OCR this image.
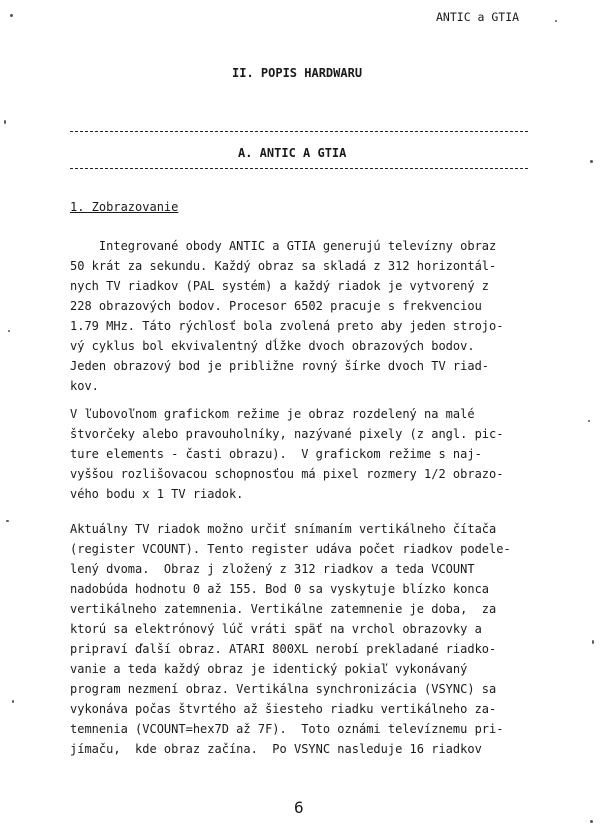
ANTIC a GTIA
II. POPIS HARDWARU
A. ANTIC A GTIA
1. Zobrazovanie
Integrované obody ANTIC a GTIA generujú televízny obraz
50 krát za sekundu. Každý obraz sa skladá z 312 horizontál-
nych TV riadkov (PAL systém) a každý riadok je vytvorený z
228 obrazových bodov. Procesor 6502 pracuje s frekvenciou
1.79 MHz. Táto rýchlosť bola zvolená preto aby jeden strojo-
vý cyklus bol ekvivalentný dĺžke dvoch obrazových bodov.
Jeden obrazový bod je približne rovný šírke dvoch TV riad-
kov.
V ľubovoľnom grafickom režime je obraz rozdelený na malé
štvorčeky alebo pravouholníky, nazývané pixely (z angl. pic-
ture elements - časti obrazu).  V grafickom režime s naj-
vyššou rozlišovacou schopnosťou má pixel rozmery 1/2 obrazo-
vého bodu x 1 TV riadok.
Aktuálny TV riadok možno určiť snímaním vertikálneho čítača
(register VCOUNT). Tento register udáva počet riadkov podele-
lený dvoma.  Obraz j zložený z 312 riadkov a teda VCOUNT
nadobúda hodnotu 0 až 155. Bod 0 sa vyskytuje blízko konca
vertikálneho zatemnenia. Vertikálne zatemnenie je doba,  za
ktorú sa elektrónový lúč vráti späť na vrchol obrazovky a
pripraví ďalší obraz. ATARI 800XL nerobí prekladané riadko-
vanie a teda každý obraz je identický pokiaľ vykonávaný
program nezmení obraz. Vertikálna synchronizácia (VSYNC) sa
vykonáva počas štvrtého až šiesteho riadku vertikálneho za-
temnenia (VCOUNT=hex7D až 7F).  Toto oznámi televíznemu pri-
jímaču,  kde obraz začína.  Po VSYNC nasleduje 16 riadkov
6
